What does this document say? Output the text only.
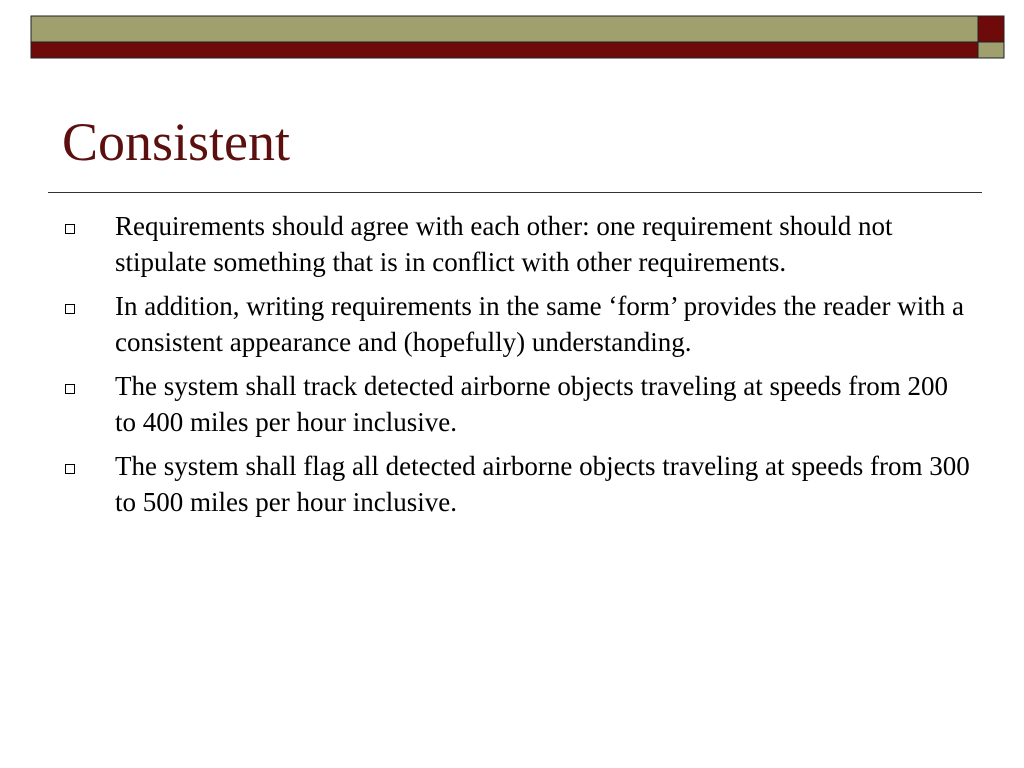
Consistent
Requirements should agree with each other: one requirement should not stipulate something that is in conflict with other requirements.
In addition, writing requirements in the same ‘form’ provides the reader with a consistent appearance and (hopefully) understanding.
The system shall track detected airborne objects traveling at speeds from 200 to 400 miles per hour inclusive.
The system shall flag all detected airborne objects traveling at speeds from 300 to 500 miles per hour inclusive.
